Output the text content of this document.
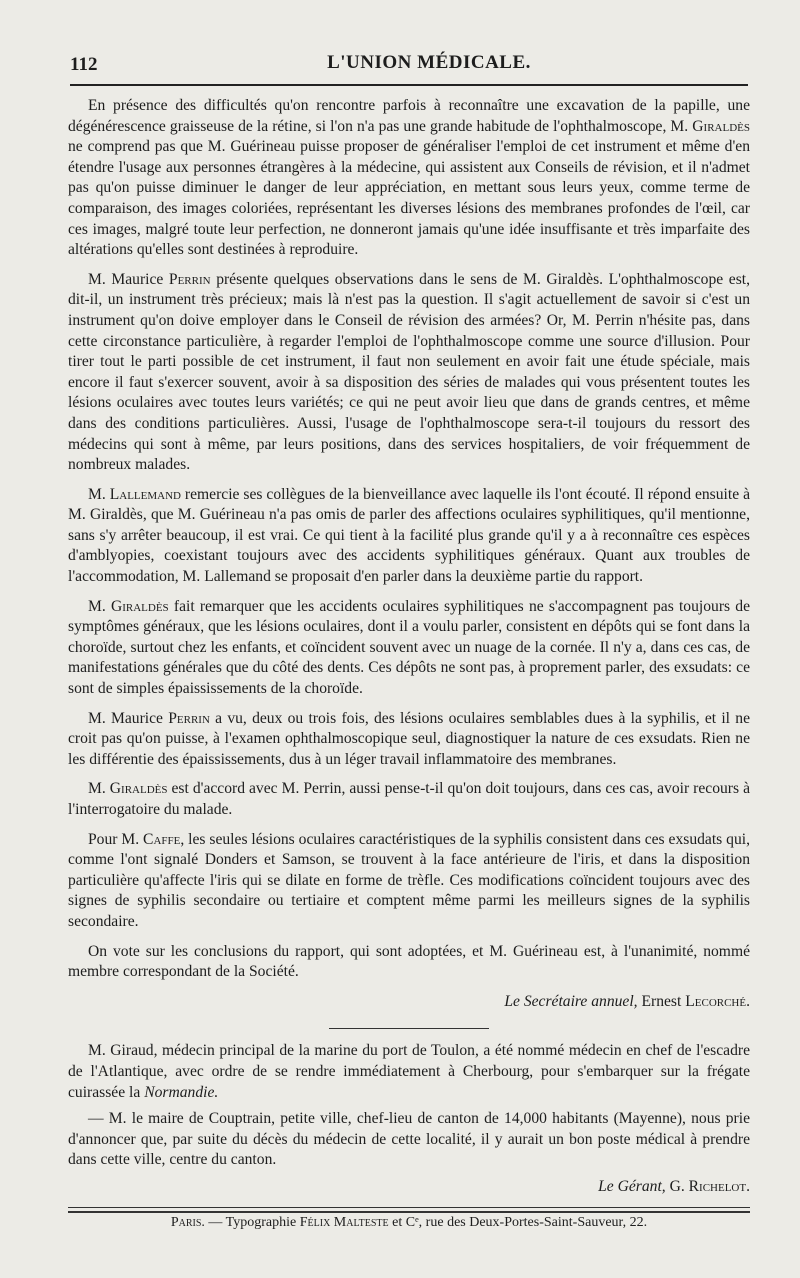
112	L'UNION MÉDICALE.

En présence des difficultés qu'on rencontre parfois à reconnaître une excavation de la papille, une dégénérescence graisseuse de la rétine, si l'on n'a pas une grande habitude de l'ophthalmoscope, M. Giraldès ne comprend pas que M. Guérineau puisse proposer de généraliser l'emploi de cet instrument et même d'en étendre l'usage aux personnes étrangères à la médecine, qui assistent aux Conseils de révision, et il n'admet pas qu'on puisse diminuer le danger de leur appréciation, en mettant sous leurs yeux, comme terme de comparaison, des images coloriées, représentant les diverses lésions des membranes profondes de l'œil, car ces images, malgré toute leur perfection, ne donneront jamais qu'une idée insuffisante et très imparfaite des altérations qu'elles sont destinées à reproduire.

M. Maurice Perrin présente quelques observations dans le sens de M. Giraldès. L'ophthalmoscope est, dit-il, un instrument très précieux; mais là n'est pas la question. Il s'agit actuellement de savoir si c'est un instrument qu'on doive employer dans le Conseil de révision des armées? Or, M. Perrin n'hésite pas, dans cette circonstance particulière, à regarder l'emploi de l'ophthalmoscope comme une source d'illusion. Pour tirer tout le parti possible de cet instrument, il faut non seulement en avoir fait une étude spéciale, mais encore il faut s'exercer souvent, avoir à sa disposition des séries de malades qui vous présentent toutes les lésions oculaires avec toutes leurs variétés; ce qui ne peut avoir lieu que dans de grands centres, et même dans des conditions particulières. Aussi, l'usage de l'ophthalmoscope sera-t-il toujours du ressort des médecins qui sont à même, par leurs positions, dans des services hospitaliers, de voir fréquemment de nombreux malades.

M. Lallemand remercie ses collègues de la bienveillance avec laquelle ils l'ont écouté. Il répond ensuite à M. Giraldès, que M. Guérineau n'a pas omis de parler des affections oculaires syphilitiques, qu'il mentionne, sans s'y arrêter beaucoup, il est vrai. Ce qui tient à la facilité plus grande qu'il y a à reconnaître ces espèces d'amblyopies, coexistant toujours avec des accidents syphilitiques généraux. Quant aux troubles de l'accommodation, M. Lallemand se proposait d'en parler dans la deuxième partie du rapport.

M. Giraldès fait remarquer que les accidents oculaires syphilitiques ne s'accompagnent pas toujours de symptômes généraux, que les lésions oculaires, dont il a voulu parler, consistent en dépôts qui se font dans la choroïde, surtout chez les enfants, et coïncident souvent avec un nuage de la cornée. Il n'y a, dans ces cas, de manifestations générales que du côté des dents. Ces dépôts ne sont pas, à proprement parler, des exsudats: ce sont de simples épaississements de la choroïde.

M. Maurice Perrin a vu, deux ou trois fois, des lésions oculaires semblables dues à la syphilis, et il ne croit pas qu'on puisse, à l'examen ophthalmoscopique seul, diagnostiquer la nature de ces exsudats. Rien ne les différentie des épaississements, dus à un léger travail inflammatoire des membranes.

M. Giraldès est d'accord avec M. Perrin, aussi pense-t-il qu'on doit toujours, dans ces cas, avoir recours à l'interrogatoire du malade.

Pour M. Caffe, les seules lésions oculaires caractéristiques de la syphilis consistent dans ces exsudats qui, comme l'ont signalé Donders et Samson, se trouvent à la face antérieure de l'iris, et dans la disposition particulière qu'affecte l'iris qui se dilate en forme de trèfle. Ces modifications coïncident toujours avec des signes de syphilis secondaire ou tertiaire et comptent même parmi les meilleurs signes de la syphilis secondaire.

On vote sur les conclusions du rapport, qui sont adoptées, et M. Guérineau est, à l'unanimité, nommé membre correspondant de la Société.

Le Secrétaire annuel, Ernest Lecorché.

M. Giraud, médecin principal de la marine du port de Toulon, a été nommé médecin en chef de l'escadre de l'Atlantique, avec ordre de se rendre immédiatement à Cherbourg, pour s'embarquer sur la frégate cuirassée la Normandie.

— M. le maire de Couptrain, petite ville, chef-lieu de canton de 14,000 habitants (Mayenne), nous prie d'annoncer que, par suite du décès du médecin de cette localité, il y aurait un bon poste médical à prendre dans cette ville, centre du canton.

Le Gérant, G. Richelot.

Paris. — Typographie Félix Malteste et Cᵉ, rue des Deux-Portes-Saint-Sauveur, 22.
